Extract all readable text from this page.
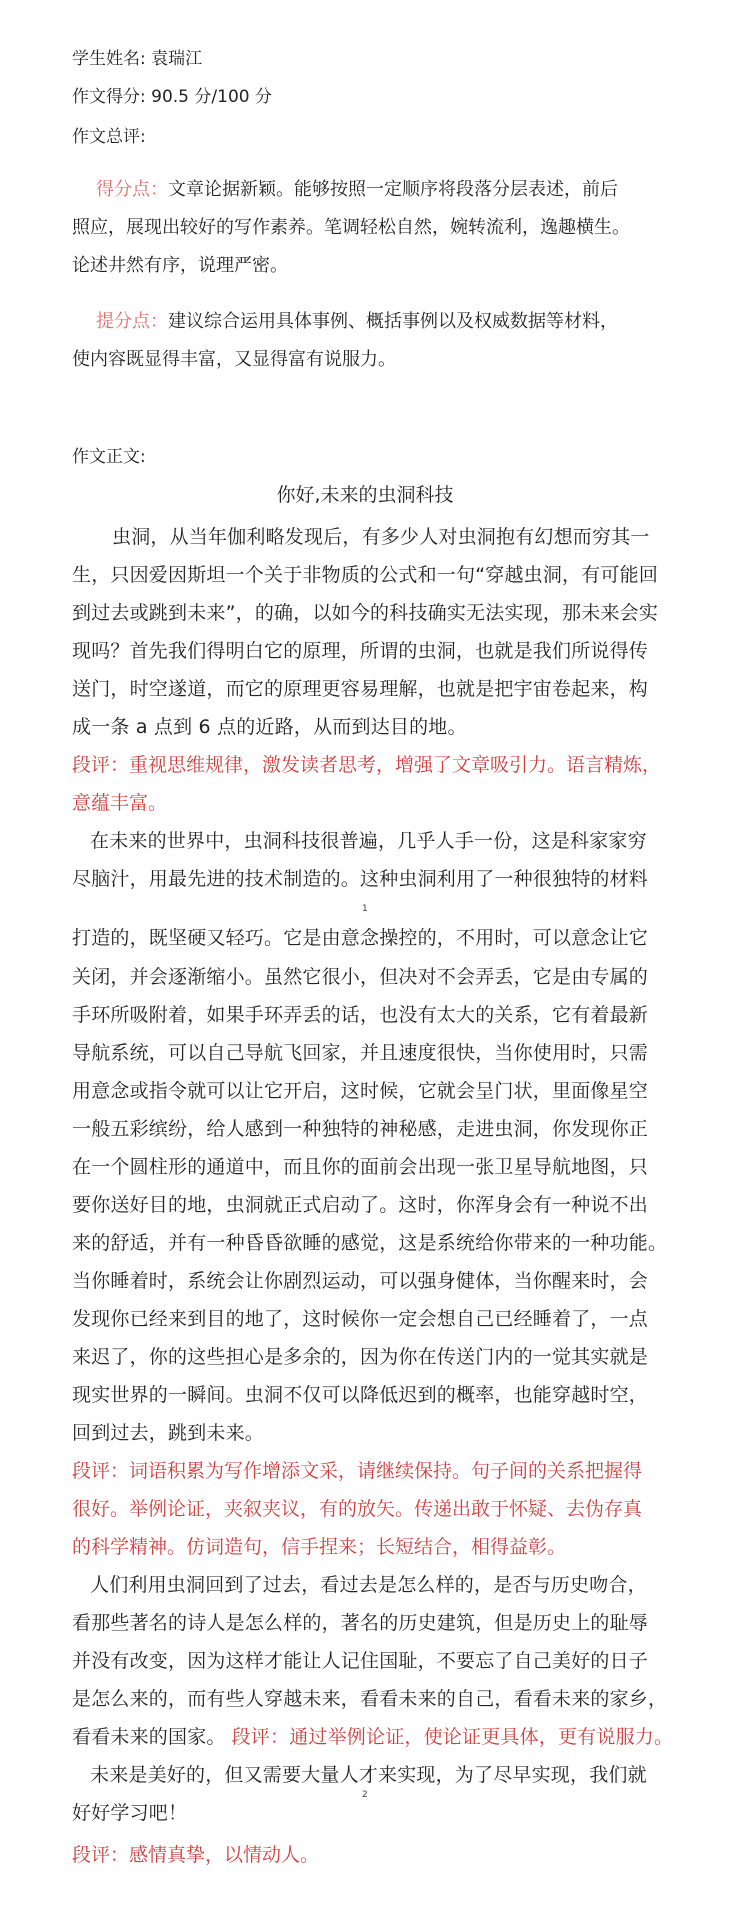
学生姓名: 袁瑞江
作文得分: 90.5 分/100 分
作文总评:
得分点：文章论据新颖。能够按照一定顺序将段落分层表述，前后
照应，展现出较好的写作素养。笔调轻松自然，婉转流利，逸趣横生。
论述井然有序，说理严密。
提分点：建议综合运用具体事例、概括事例以及权威数据等材料，
使内容既显得丰富，又显得富有说服力。
作文正文:
你好,未来的虫洞科技
虫洞，从当年伽利略发现后，有多少人对虫洞抱有幻想而穷其一
生，只因爱因斯坦一个关于非物质的公式和一句“穿越虫洞，有可能回
到过去或跳到未来”，的确，以如今的科技确实无法实现，那未来会实
现吗？首先我们得明白它的原理，所谓的虫洞，也就是我们所说得传
送门，时空遂道，而它的原理更容易理解，也就是把宇宙卷起来，构
成一条 a 点到 6 点的近路，从而到达目的地。
段评：重视思维规律，激发读者思考，增强了文章吸引力。语言精炼，
意蕴丰富。
在未来的世界中，虫洞科技很普遍，几乎人手一份，这是科家家穷
尽脑汁，用最先进的技术制造的。这种虫洞利用了一种很独特的材料
1
打造的，既坚硬又轻巧。它是由意念操控的，不用时，可以意念让它
关闭，并会逐渐缩小。虽然它很小，但决对不会弄丢，它是由专属的
手环所吸附着，如果手环弄丢的话，也没有太大的关系，它有着最新
导航系统，可以自己导航飞回家，并且速度很快，当你使用时，只需
用意念或指令就可以让它开启，这时候，它就会呈门状，里面像星空
一般五彩缤纷，给人感到一种独特的神秘感，走进虫洞，你发现你正
在一个圆柱形的通道中，而且你的面前会出现一张卫星导航地图，只
要你送好目的地，虫洞就正式启动了。这时，你浑身会有一种说不出
来的舒适，并有一种昏昏欲睡的感觉，这是系统给你带来的一种功能。
当你睡着时，系统会让你剧烈运动，可以强身健体，当你醒来时，会
发现你已经来到目的地了，这时候你一定会想自己已经睡着了，一点
来迟了，你的这些担心是多余的，因为你在传送门内的一觉其实就是
现实世界的一瞬间。虫洞不仅可以降低迟到的概率，也能穿越时空，
回到过去，跳到未来。
段评：词语积累为写作增添文采，请继续保持。句子间的关系把握得
很好。举例论证，夹叙夹议，有的放矢。传递出敢于怀疑、去伪存真
的科学精神。仿词造句，信手捏来；长短结合，相得益彰。
人们利用虫洞回到了过去，看过去是怎么样的，是否与历史吻合，
看那些著名的诗人是怎么样的，著名的历史建筑，但是历史上的耻辱
并没有改变，因为这样才能让人记住国耻，不要忘了自己美好的日子
是怎么来的，而有些人穿越未来，看看未来的自己，看看未来的家乡，
看看未来的国家。 段评：通过举例论证，使论证更具体，更有说服力。
未来是美好的，但又需要大量人才来实现，为了尽早实现，我们就
好好学习吧！
2
段评：感情真挚，以情动人。
